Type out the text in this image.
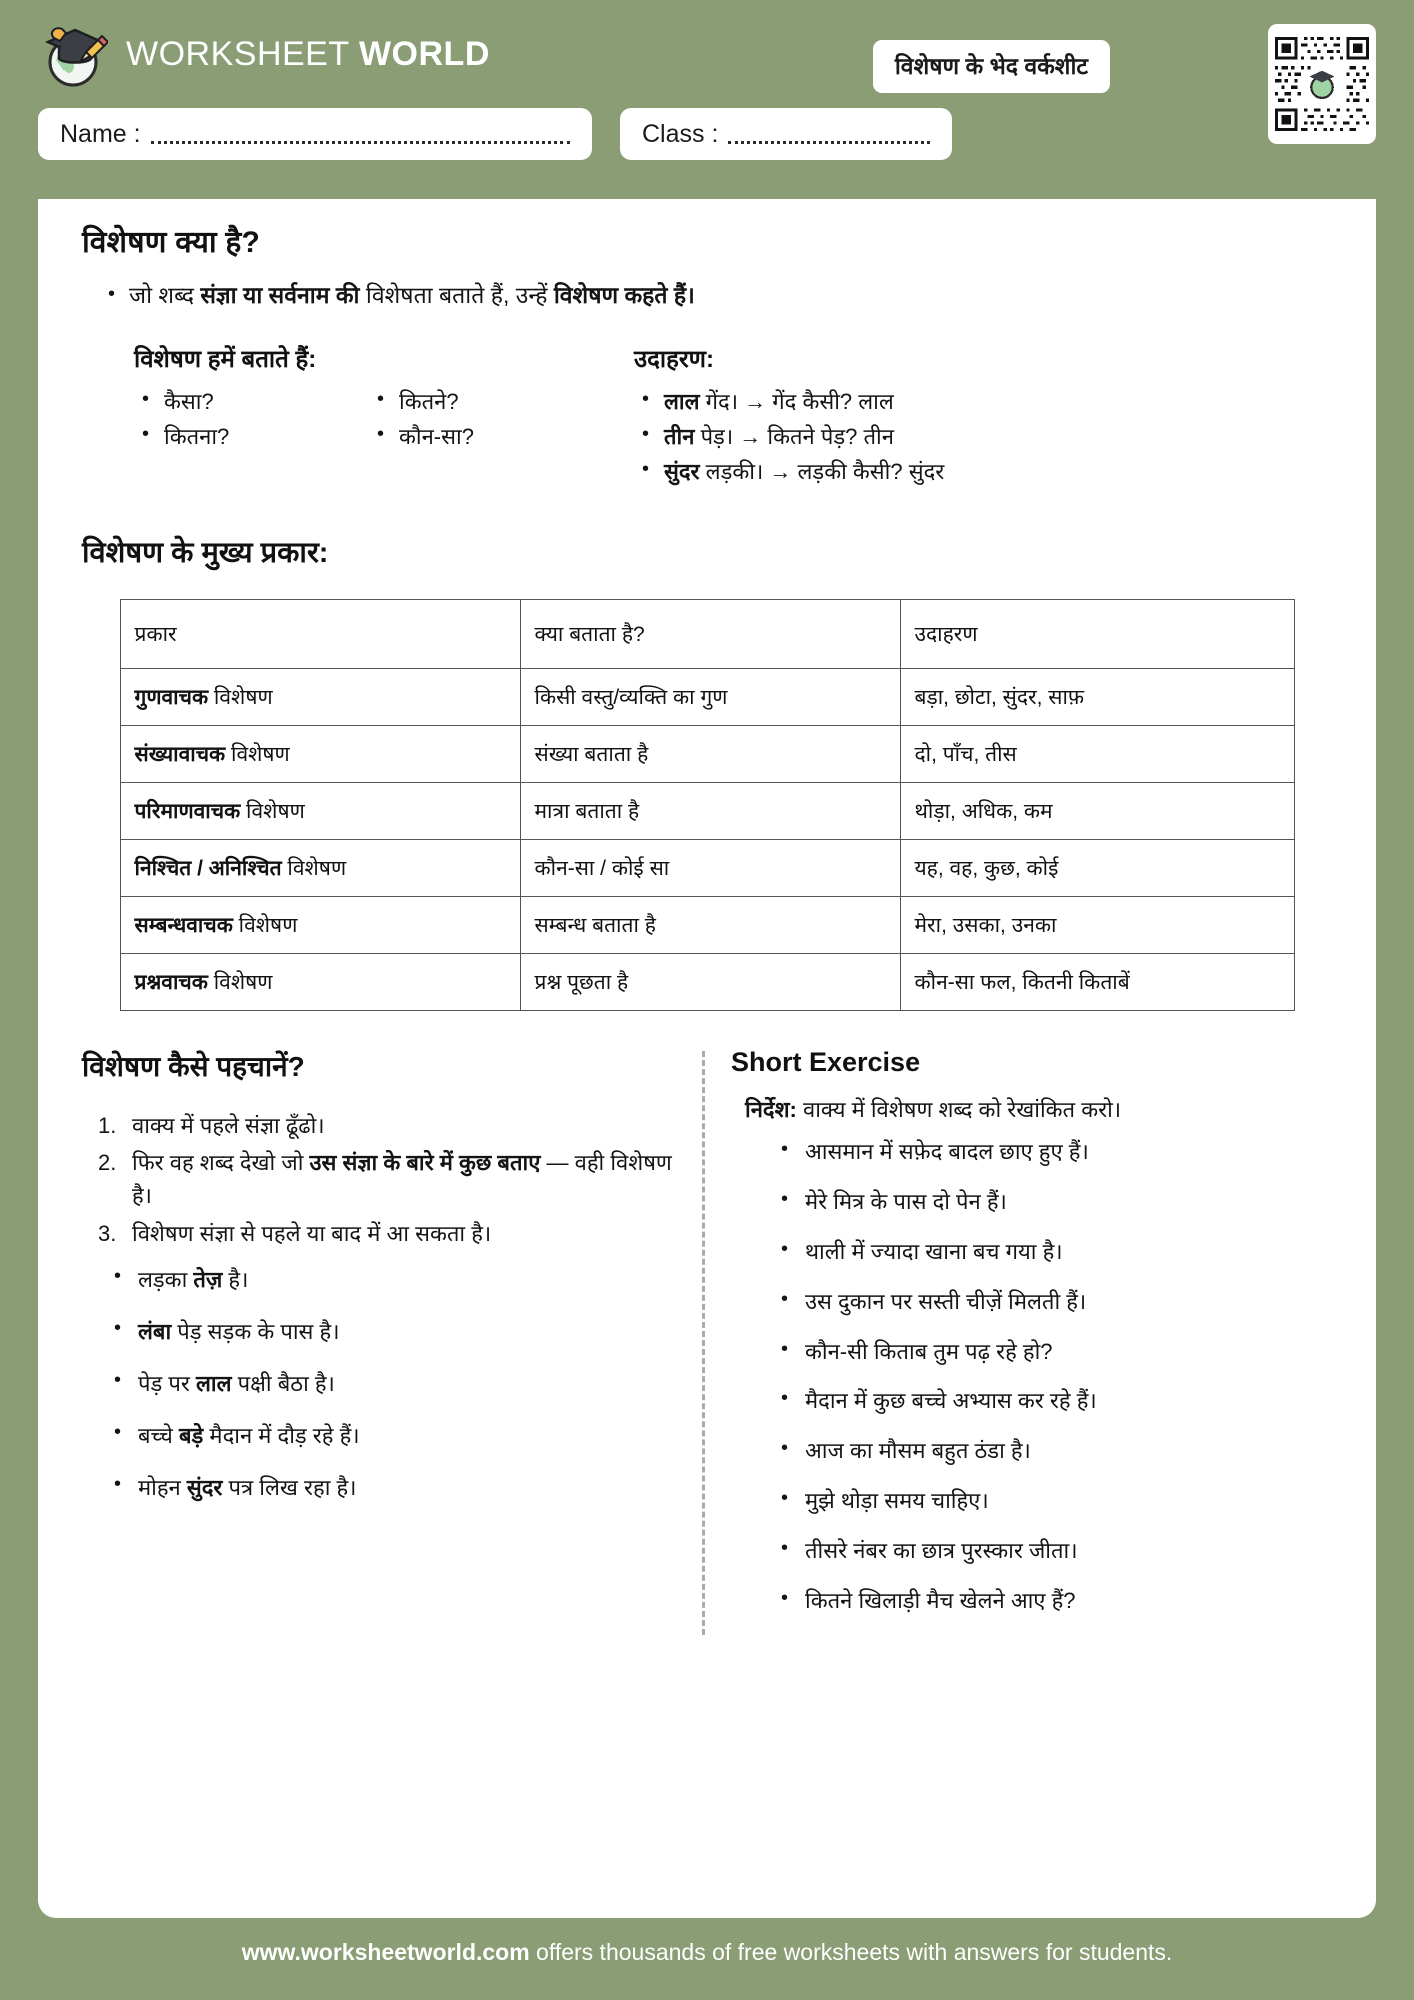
WORKSHEET WORLD	विशेषण के भेद वर्कशीट
Name :	Class :
विशेषण क्या है?
• जो शब्द संज्ञा या सर्वनाम की विशेषता बताते हैं, उन्हें विशेषण कहते हैं।
विशेषण हमें बताते हैं:
• कैसा?
• कितना?
• कितने?
• कौन-सा?
उदाहरण:
• लाल गेंद। → गेंद कैसी? लाल
• तीन पेड़। → कितने पेड़? तीन
• सुंदर लड़की। → लड़की कैसी? सुंदर
विशेषण के मुख्य प्रकार:
प्रकार	क्या बताता है?	उदाहरण
गुणवाचक विशेषण	किसी वस्तु/व्यक्ति का गुण	बड़ा, छोटा, सुंदर, साफ़
संख्यावाचक विशेषण	संख्या बताता है	दो, पाँच, तीस
परिमाणवाचक विशेषण	मात्रा बताता है	थोड़ा, अधिक, कम
निश्चित / अनिश्चित विशेषण	कौन-सा / कोई सा	यह, वह, कुछ, कोई
सम्बन्धवाचक विशेषण	सम्बन्ध बताता है	मेरा, उसका, उनका
प्रश्नवाचक विशेषण	प्रश्न पूछता है	कौन-सा फल, कितनी किताबें
विशेषण कैसे पहचानें?
वाक्य में पहले संज्ञा ढूँढो।
फिर वह शब्द देखो जो उस संज्ञा के बारे में कुछ बताए — वही विशेषण है।
विशेषण संज्ञा से पहले या बाद में आ सकता है।
• लड़का तेज़ है।
• लंबा पेड़ सड़क के पास है।
• पेड़ पर लाल पक्षी बैठा है।
• बच्चे बड़े मैदान में दौड़ रहे हैं।
• मोहन सुंदर पत्र लिख रहा है।
Short Exercise
निर्देश: वाक्य में विशेषण शब्द को रेखांकित करो।
• आसमान में सफ़ेद बादल छाए हुए हैं।
• मेरे मित्र के पास दो पेन हैं।
• थाली में ज्यादा खाना बच गया है।
• उस दुकान पर सस्ती चीज़ें मिलती हैं।
• कौन-सी किताब तुम पढ़ रहे हो?
• मैदान में कुछ बच्चे अभ्यास कर रहे हैं।
• आज का मौसम बहुत ठंडा है।
• मुझे थोड़ा समय चाहिए।
• तीसरे नंबर का छात्र पुरस्कार जीता।
• कितने खिलाड़ी मैच खेलने आए हैं?
www.worksheetworld.com offers thousands of free worksheets with answers for students.
